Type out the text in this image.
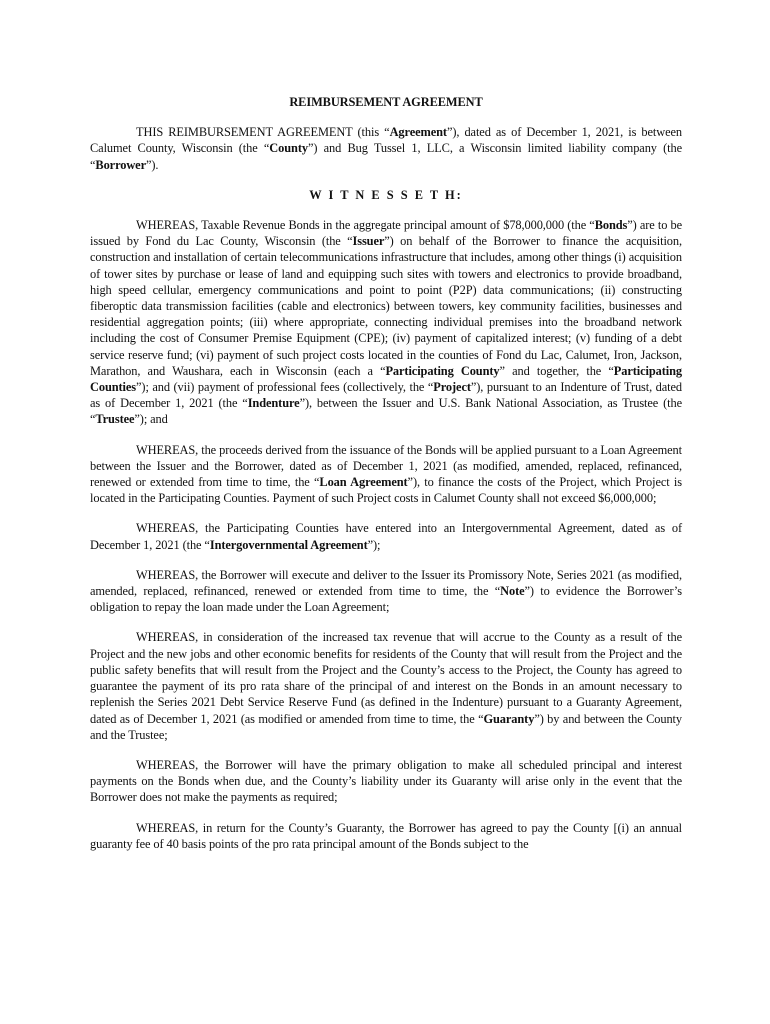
REIMBURSEMENT AGREEMENT

THIS REIMBURSEMENT AGREEMENT (this “Agreement”), dated as of December 1, 2021, is between Calumet County, Wisconsin (the “County”) and Bug Tussel 1, LLC, a Wisconsin limited liability company (the “Borrower”).

W I T N E S S E T H:

WHEREAS, Taxable Revenue Bonds in the aggregate principal amount of $78,000,000 (the “Bonds”) are to be issued by Fond du Lac County, Wisconsin (the “Issuer”) on behalf of the Borrower to finance the acquisition, construction and installation of certain telecommunications infrastructure that includes, among other things (i) acquisition of tower sites by purchase or lease of land and equipping such sites with towers and electronics to provide broadband, high speed cellular, emergency communications and point to point (P2P) data communications; (ii) constructing fiberoptic data transmission facilities (cable and electronics) between towers, key community facilities, businesses and residential aggregation points; (iii) where appropriate, connecting individual premises into the broadband network including the cost of Consumer Premise Equipment (CPE); (iv) payment of capitalized interest; (v) funding of a debt service reserve fund; (vi) payment of such project costs located in the counties of Fond du Lac, Calumet, Iron, Jackson, Marathon, and Waushara, each in Wisconsin (each a “Participating County” and together, the “Participating Counties”); and (vii) payment of professional fees (collectively, the “Project”), pursuant to an Indenture of Trust, dated as of December 1, 2021 (the “Indenture”), between the Issuer and U.S. Bank National Association, as Trustee (the “Trustee”); and

WHEREAS, the proceeds derived from the issuance of the Bonds will be applied pursuant to a Loan Agreement between the Issuer and the Borrower, dated as of December 1, 2021 (as modified, amended, replaced, refinanced, renewed or extended from time to time, the “Loan Agreement”), to finance the costs of the Project, which Project is located in the Participating Counties. Payment of such Project costs in Calumet County shall not exceed $6,000,000;

WHEREAS, the Participating Counties have entered into an Intergovernmental Agreement, dated as of December 1, 2021 (the “Intergovernmental Agreement”);

WHEREAS, the Borrower will execute and deliver to the Issuer its Promissory Note, Series 2021 (as modified, amended, replaced, refinanced, renewed or extended from time to time, the “Note”) to evidence the Borrower’s obligation to repay the loan made under the Loan Agreement;

WHEREAS, in consideration of the increased tax revenue that will accrue to the County as a result of the Project and the new jobs and other economic benefits for residents of the County that will result from the Project and the public safety benefits that will result from the Project and the County’s access to the Project, the County has agreed to guarantee the payment of its pro rata share of the principal of and interest on the Bonds in an amount necessary to replenish the Series 2021 Debt Service Reserve Fund (as defined in the Indenture) pursuant to a Guaranty Agreement, dated as of December 1, 2021 (as modified or amended from time to time, the “Guaranty”) by and between the County and the Trustee;

WHEREAS, the Borrower will have the primary obligation to make all scheduled principal and interest payments on the Bonds when due, and the County’s liability under its Guaranty will arise only in the event that the Borrower does not make the payments as required;

WHEREAS, in return for the County’s Guaranty, the Borrower has agreed to pay the County [(i) an annual guaranty fee of 40 basis points of the pro rata principal amount of the Bonds subject to the
